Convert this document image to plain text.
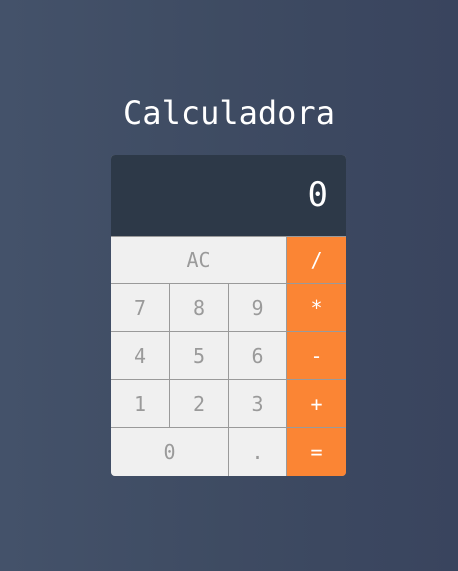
Calculadora
0
AC	/
7	8	9	*
4	5	6	-
1	2	3	+
0	.	=
